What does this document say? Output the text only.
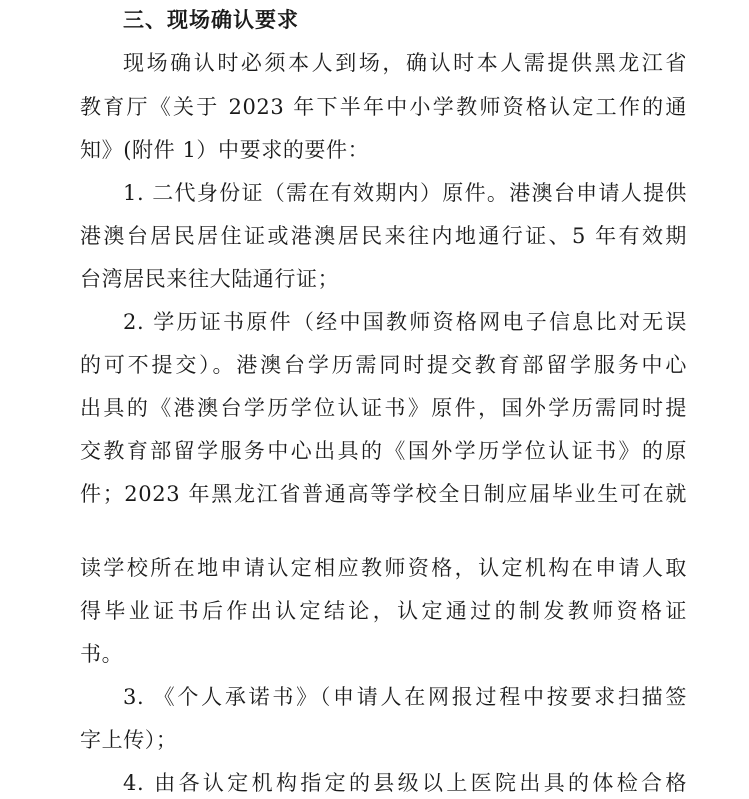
三、现场确认要求
现场确认时必须本人到场，确认时本人需提供黑龙江省
教育厅《关于 2023 年下半年中小学教师资格认定工作的通
知》(附件 1）中要求的要件：
1. 二代身份证（需在有效期内）原件。港澳台申请人提供
港澳台居民居住证或港澳居民来往内地通行证、5 年有效期
台湾居民来往大陆通行证；
2. 学历证书原件（经中国教师资格网电子信息比对无误
的可不提交）。港澳台学历需同时提交教育部留学服务中心
出具的《港澳台学历学位认证书》原件，国外学历需同时提
交教育部留学服务中心出具的《国外学历学位认证书》的原
件；2023 年黑龙江省普通高等学校全日制应届毕业生可在就
读学校所在地申请认定相应教师资格，认定机构在申请人取
得毕业证书后作出认定结论，认定通过的制发教师资格证
书。
3. 《个人承诺书》（申请人在网报过程中按要求扫描签
字上传）；
4. 由各认定机构指定的县级以上医院出具的体检合格
